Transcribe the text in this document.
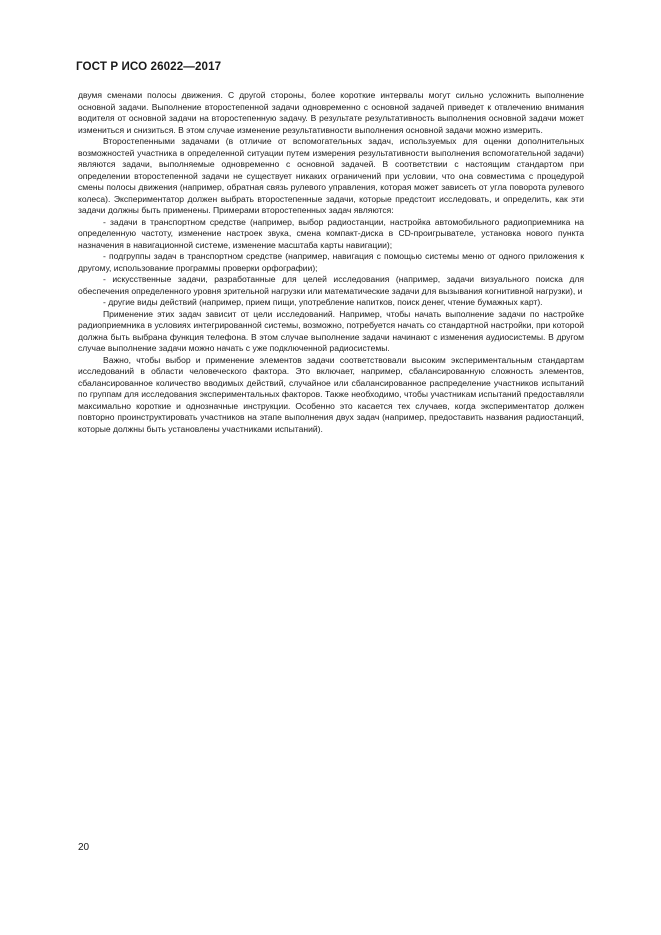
ГОСТ Р ИСО 26022—2017

двумя сменами полосы движения. С другой стороны, более короткие интервалы могут сильно усложнить выполнение основной задачи. Выполнение второстепенной задачи одновременно с основной задачей приведет к отвлечению внимания водителя от основной задачи на второстепенную задачу. В результате результативность выполнения основной задачи может измениться и снизиться. В этом случае изменение результативности выполнения основной задачи можно измерить.

Второстепенными задачами (в отличие от вспомогательных задач, используемых для оценки дополнительных возможностей участника в определенной ситуации путем измерения результативности выполнения вспомогательной задачи) являются задачи, выполняемые одновременно с основной задачей. В соответствии с настоящим стандартом при определении второстепенной задачи не существует никаких ограничений при условии, что она совместима с процедурой смены полосы движения (например, обратная связь рулевого управления, которая может зависеть от угла поворота рулевого колеса). Экспериментатор должен выбрать второстепенные задачи, которые предстоит исследовать, и определить, как эти задачи должны быть применены. Примерами второстепенных задач являются:

- задачи в транспортном средстве (например, выбор радиостанции, настройка автомобильного радиоприемника на определенную частоту, изменение настроек звука, смена компакт-диска в CD-проигрывателе, установка нового пункта назначения в навигационной системе, изменение масштаба карты навигации);

- подгруппы задач в транспортном средстве (например, навигация с помощью системы меню от одного приложения к другому, использование программы проверки орфографии);

- искусственные задачи, разработанные для целей исследования (например, задачи визуального поиска для обеспечения определенного уровня зрительной нагрузки или математические задачи для вызывания когнитивной нагрузки), и

- другие виды действий (например, прием пищи, употребление напитков, поиск денег, чтение бумажных карт).

Применение этих задач зависит от цели исследований. Например, чтобы начать выполнение задачи по настройке радиоприемника в условиях интегрированной системы, возможно, потребуется начать со стандартной настройки, при которой должна быть выбрана функция телефона. В этом случае выполнение задачи начинают с изменения аудиосистемы. В другом случае выполнение задачи можно начать с уже подключенной радиосистемы.

Важно, чтобы выбор и применение элементов задачи соответствовали высоким экспериментальным стандартам исследований в области человеческого фактора. Это включает, например, сбалансированную сложность элементов, сбалансированное количество вводимых действий, случайное или сбалансированное распределение участников испытаний по группам для исследования экспериментальных факторов. Также необходимо, чтобы участникам испытаний предоставляли максимально короткие и однозначные инструкции. Особенно это касается тех случаев, когда экспериментатор должен повторно проинструктировать участников на этапе выполнения двух задач (например, предоставить названия радиостанций, которые должны быть установлены участниками испытаний).

20
